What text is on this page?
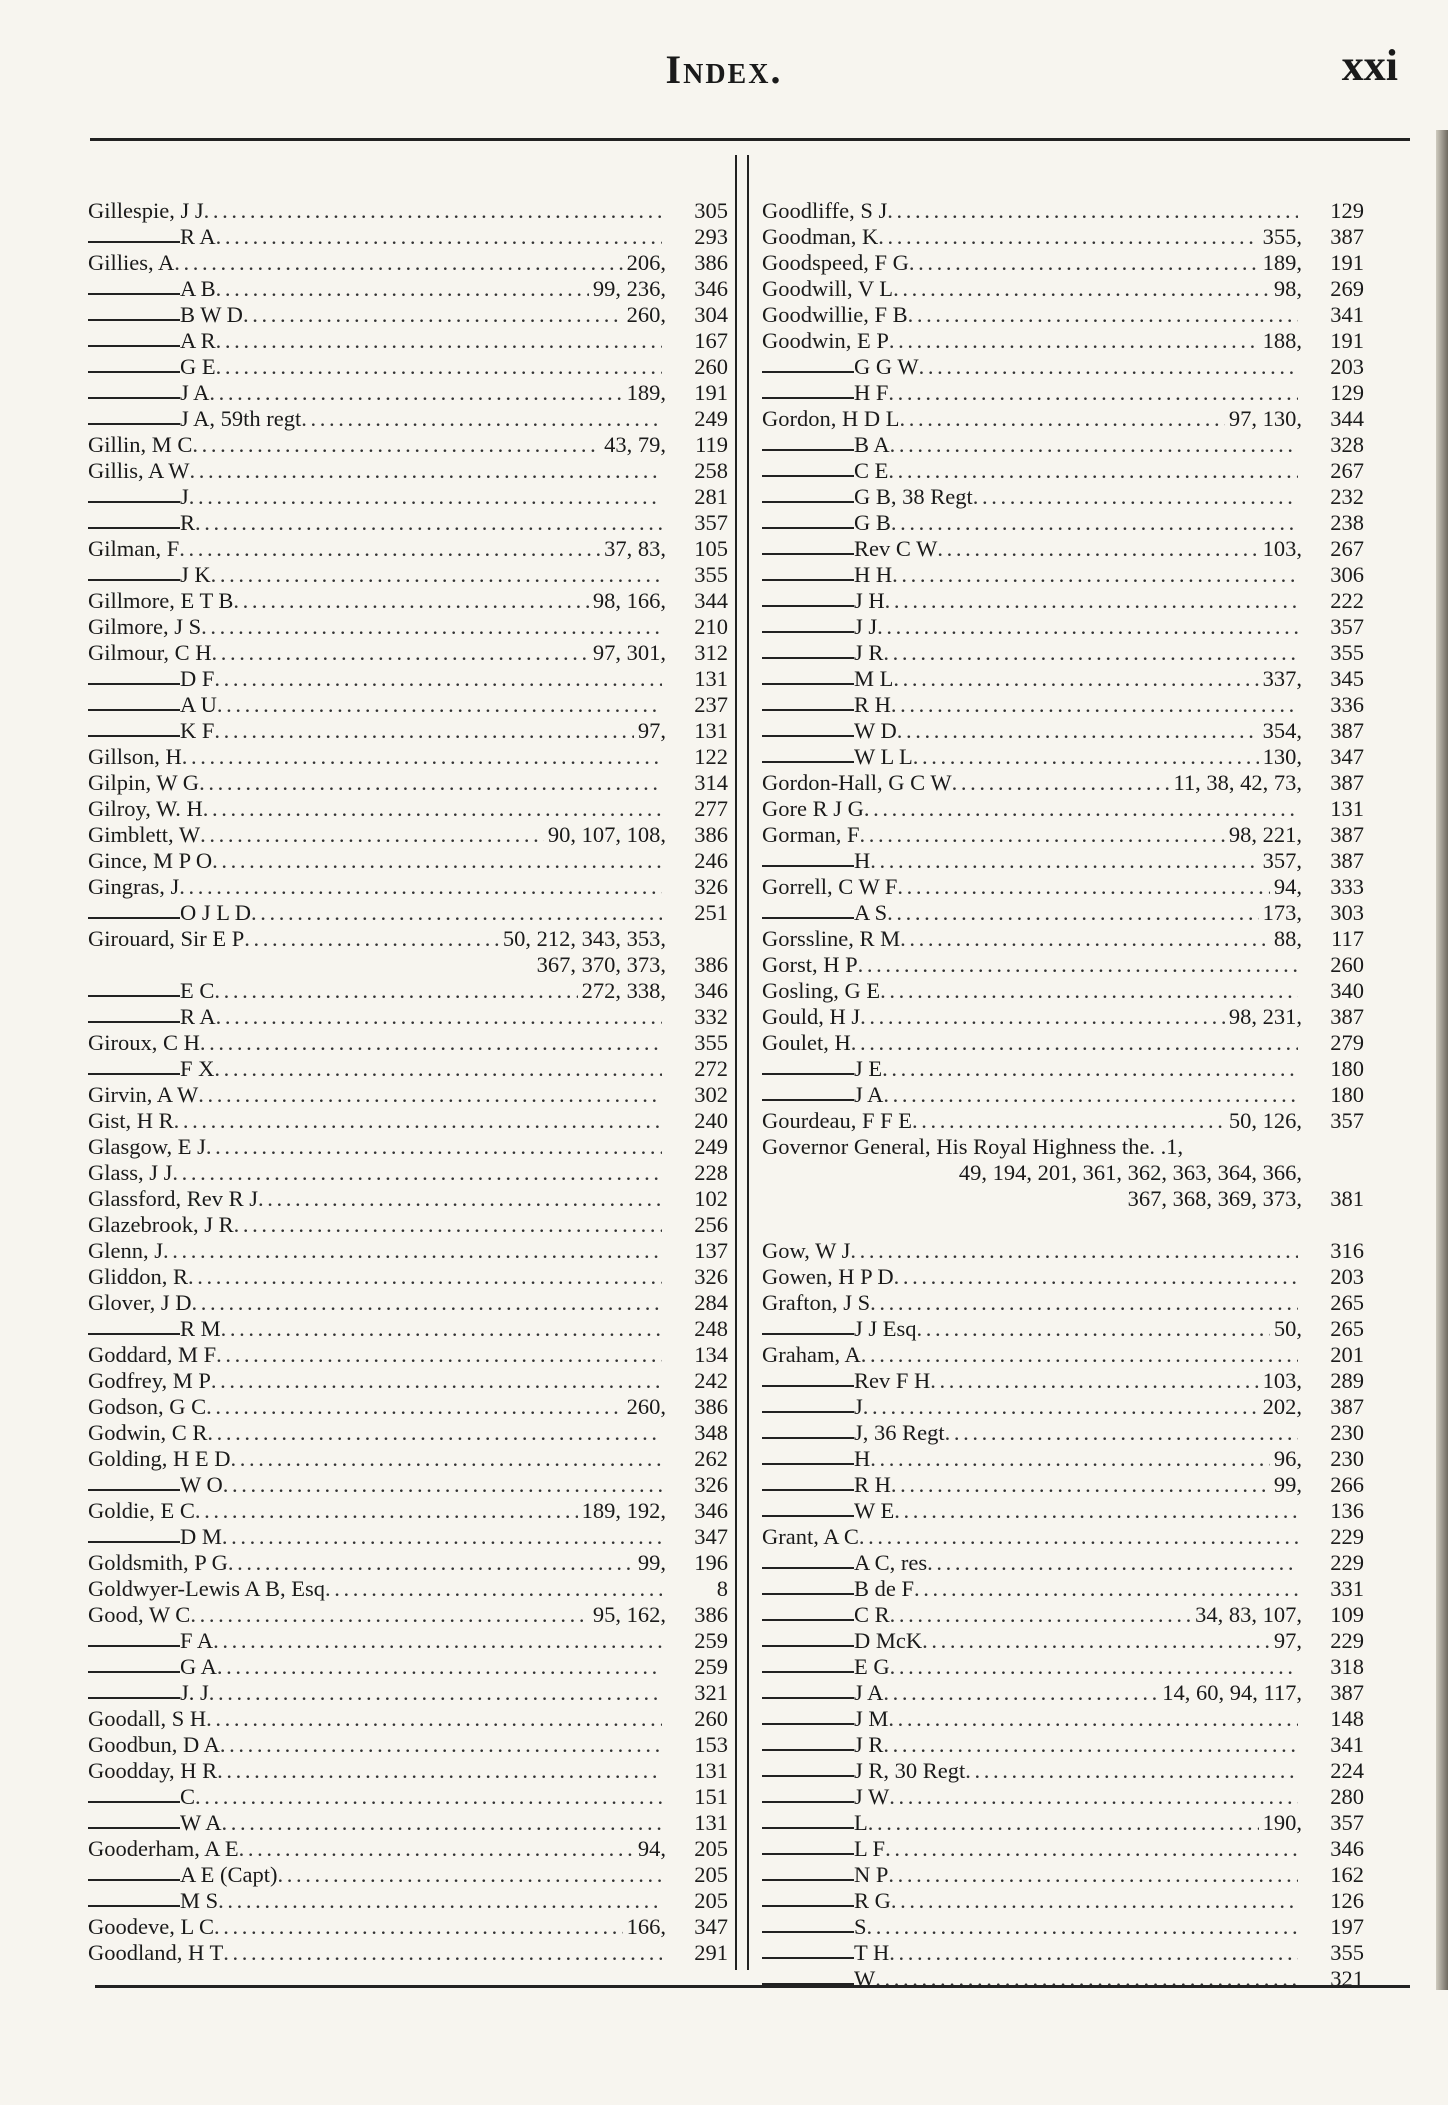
Index.	xxi
Gillespie, J J . . .	305
R A . . .	293
Gillies, A . . .	206,	386
A B . . .	99, 236,	346
B W D . . .	260,	304
A R . . .	167
G E . . .	260
J A . . .	189,	191
J A, 59th regt . . .	249
Gillin, M C . . .	43, 79,	119
Gillis, A W . . .	258
J . . .	281
R . . .	357
Gilman, F . . .	37, 83,	105
J K . . .	355
Gillmore, E T B . . .	98, 166,	344
Gilmore, J S . . .	210
Gilmour, C H . . .	97, 301,	312
D F . . .	131
A U . . .	237
K F . . .	97,	131
Gillson, H . . .	122
Gilpin, W G . . .	314
Gilroy, W. H . . .	277
Gimblett, W . . .	90, 107, 108,	386
Gince, M P O . . .	246
Gingras, J . . .	326
O J L D . . .	251
Girouard, Sir E P . . .	50, 212, 343, 353,
367, 370, 373,	386
E C . . .	272, 338,	346
R A . . .	332
Giroux, C H . . .	355
F X . . .	272
Girvin, A W . . .	302
Gist, H R . . .	240
Glasgow, E J . . .	249
Glass, J J . . .	228
Glassford, Rev R J . . .	102
Glazebrook, J R . . .	256
Glenn, J . . .	137
Gliddon, R . . .	326
Glover, J D . . .	284
R M . . .	248
Goddard, M F . . .	134
Godfrey, M P . . .	242
Godson, G C . . .	260,	386
Godwin, C R . . .	348
Golding, H E D . . .	262
W O . . .	326
Goldie, E C . . .	189, 192,	346
D M . . .	347
Goldsmith, P G . . .	99,	196
Goldwyer-Lewis A B, Esq . . .	8
Good, W C . . .	95, 162,	386
F A . . .	259
G A . . .	259
J. J . . .	321
Goodall, S H . . .	260
Goodbun, D A . . .	153
Goodday, H R . . .	131
C . . .	151
W A . . .	131
Gooderham, A E . . .	94,	205
A E (Capt) . . .	205
M S . . .	205
Goodeve, L C . . .	166,	347
Goodland, H T . . .	291
Goodliffe, S J . . .	129
Goodman, K . . .	355,	387
Goodspeed, F G . . .	189,	191
Goodwill, V L . . .	98,	269
Goodwillie, F B . . .	341
Goodwin, E P . . .	188,	191
G G W . . .	203
H F . . .	129
Gordon, H D L . . .	97, 130,	344
B A . . .	328
C E . . .	267
G B, 38 Regt . . .	232
G B . . .	238
Rev C W . . .	103,	267
H H . . .	306
J H . . .	222
J J . . .	357
J R . . .	355
M L . . .	337,	345
R H . . .	336
W D . . .	354,	387
W L L . . .	130,	347
Gordon-Hall, G C W . . .	11, 38, 42, 73,	387
Gore R J G . . .	131
Gorman, F . . .	98, 221,	387
H . . .	357,	387
Gorrell, C W F . . .	94,	333
A S . . .	173,	303
Gorssline, R M . . .	88,	117
Gorst, H P . . .	260
Gosling, G E . . .	340
Gould, H J . . .	98, 231,	387
Goulet, H . . .	279
J E . . .	180
J A . . .	180
Gourdeau, F F E . . .	50, 126,	357
Governor General, His Royal Highness the. .1,
49, 194, 201, 361, 362, 363, 364, 366,
367, 368, 369, 373,	381
Gow, W J . . .	316
Gowen, H P D . . .	203
Grafton, J S . . .	265
J J Esq . . .	50,	265
Graham, A . . .	201
Rev F H . . .	103,	289
J . . .	202,	387
J, 36 Regt . . .	230
H . . .	96,	230
R H . . .	99,	266
W E . . .	136
Grant, A C . . .	229
A C, res . . .	229
B de F . . .	331
C R . . .	34, 83, 107,	109
D McK . . .	97,	229
E G . . .	318
J A . . .	14, 60, 94, 117,	387
J M . . .	148
J R . . .	341
J R, 30 Regt . . .	224
J W . . .	280
L . . .	190,	357
L F . . .	346
N P . . .	162
R G . . .	126
S . . .	197
T H . . .	355
W . . .	321
